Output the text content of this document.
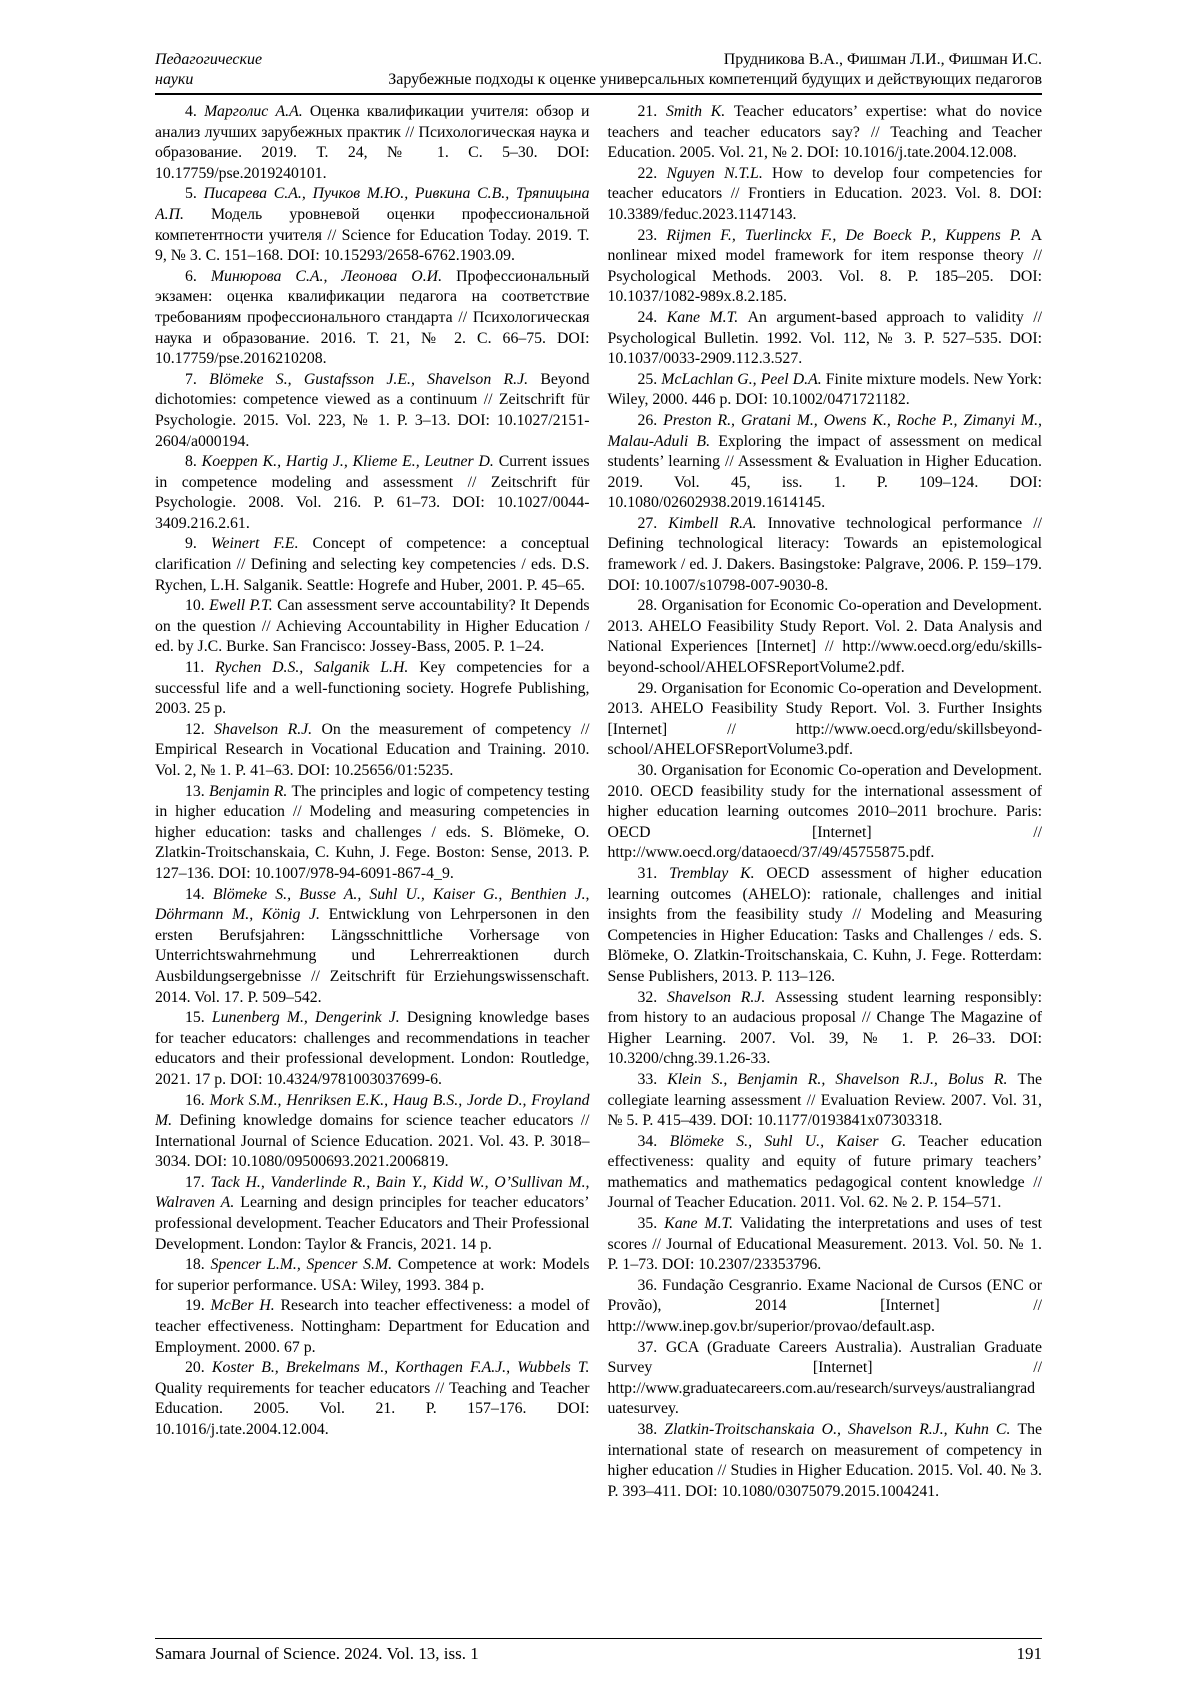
Педагогические
науки
Прудникова В.А., Фишман Л.И., Фишман И.С.
Зарубежные подходы к оценке универсальных компетенций будущих и действующих педагогов

4. Марголис А.А. Оценка квалификации учителя: обзор и анализ лучших зарубежных практик // Психологическая наука и образование. 2019. Т. 24, № 1. С. 5–30. DOI: 10.17759/pse.2019240101.

5. Писарева С.А., Пучков М.Ю., Ривкина С.В., Тряпицына А.П. Модель уровневой оценки профессиональной компетентности учителя // Science for Education Today. 2019. Т. 9, № 3. С. 151–168. DOI: 10.15293/2658-6762.1903.09.

6. Минюрова С.А., Леонова О.И. Профессиональный экзамен: оценка квалификации педагога на соответствие требованиям профессионального стандарта // Психологическая наука и образование. 2016. Т. 21, № 2. С. 66–75. DOI: 10.17759/pse.2016210208.

7. Blömeke S., Gustafsson J.E., Shavelson R.J. Beyond dichotomies: competence viewed as a continuum // Zeitschrift für Psychologie. 2015. Vol. 223, № 1. P. 3–13. DOI: 10.1027/2151-2604/a000194.

8. Koeppen K., Hartig J., Klieme E., Leutner D. Current issues in competence modeling and assessment // Zeitschrift für Psychologie. 2008. Vol. 216. P. 61–73. DOI: 10.1027/0044-3409.216.2.61.

9. Weinert F.E. Concept of competence: a conceptual clarification // Defining and selecting key competencies / eds. D.S. Rychen, L.H. Salganik. Seattle: Hogrefe and Huber, 2001. P. 45–65.

10. Ewell P.T. Can assessment serve accountability? It Depends on the question // Achieving Accountability in Higher Education / ed. by J.C. Burke. San Francisco: Jossey-Bass, 2005. P. 1–24.

11. Rychen D.S., Salganik L.H. Key competencies for a successful life and a well-functioning society. Hogrefe Publishing, 2003. 25 p.

12. Shavelson R.J. On the measurement of competency // Empirical Research in Vocational Education and Training. 2010. Vol. 2, № 1. P. 41–63. DOI: 10.25656/01:5235.

13. Benjamin R. The principles and logic of competency testing in higher education // Modeling and measuring competencies in higher education: tasks and challenges / eds. S. Blömeke, O. Zlatkin-Troitschanskaia, C. Kuhn, J. Fege. Boston: Sense, 2013. P. 127–136. DOI: 10.1007/978-94-6091-867-4_9.

14. Blömeke S., Busse A., Suhl U., Kaiser G., Benthien J., Döhrmann M., König J. Entwicklung von Lehrpersonen in den ersten Berufsjahren: Längsschnittliche Vorhersage von Unterrichtswahrnehmung und Lehrerreaktionen durch Ausbildungsergebnisse // Zeitschrift für Erziehungswissenschaft. 2014. Vol. 17. P. 509–542.

15. Lunenberg M., Dengerink J. Designing knowledge bases for teacher educators: challenges and recommendations in teacher educators and their professional development. London: Routledge, 2021. 17 p. DOI: 10.4324/9781003037699-6.

16. Mork S.M., Henriksen E.K., Haug B.S., Jorde D., Froyland M. Defining knowledge domains for science teacher educators // International Journal of Science Education. 2021. Vol. 43. P. 3018–3034. DOI: 10.1080/09500693.2021.2006819.

17. Tack H., Vanderlinde R., Bain Y., Kidd W., O’Sullivan M., Walraven A. Learning and design principles for teacher educators’ professional development. Teacher Educators and Their Professional Development. London: Taylor & Francis, 2021. 14 p.

18. Spencer L.M., Spencer S.M. Competence at work: Models for superior performance. USA: Wiley, 1993. 384 p.

19. McBer H. Research into teacher effectiveness: a model of teacher effectiveness. Nottingham: Department for Education and Employment. 2000. 67 p.

20. Koster B., Brekelmans M., Korthagen F.A.J., Wubbels T. Quality requirements for teacher educators // Teaching and Teacher Education. 2005. Vol. 21. P. 157–176. DOI: 10.1016/j.tate.2004.12.004.

21. Smith K. Teacher educators’ expertise: what do novice teachers and teacher educators say? // Teaching and Teacher Education. 2005. Vol. 21, № 2. DOI: 10.1016/j.tate.2004.12.008.

22. Nguyen N.T.L. How to develop four competencies for teacher educators // Frontiers in Education. 2023. Vol. 8. DOI: 10.3389/feduc.2023.1147143.

23. Rijmen F., Tuerlinckx F., De Boeck P., Kuppens P. A nonlinear mixed model framework for item response theory // Psychological Methods. 2003. Vol. 8. P. 185–205. DOI: 10.1037/1082-989x.8.2.185.

24. Kane M.T. An argument-based approach to validity // Psychological Bulletin. 1992. Vol. 112, № 3. P. 527–535. DOI: 10.1037/0033-2909.112.3.527.

25. McLachlan G., Peel D.A. Finite mixture models. New York: Wiley, 2000. 446 p. DOI: 10.1002/0471721182.

26. Preston R., Gratani M., Owens K., Roche P., Zimanyi M., Malau-Aduli B. Exploring the impact of assessment on medical students’ learning // Assessment & Evaluation in Higher Education. 2019. Vol. 45, iss. 1. P. 109–124. DOI: 10.1080/02602938.2019.1614145.

27. Kimbell R.A. Innovative technological performance // Defining technological literacy: Towards an epistemological framework / ed. J. Dakers. Basingstoke: Palgrave, 2006. P. 159–179. DOI: 10.1007/s10798-007-9030-8.

28. Organisation for Economic Co-operation and Development. 2013. AHELO Feasibility Study Report. Vol. 2. Data Analysis and National Experiences [Internet] // http://www.oecd.org/edu/skills-beyond-school/AHELOFSReportVolume2.pdf.

29. Organisation for Economic Co-operation and Development. 2013. AHELO Feasibility Study Report. Vol. 3. Further Insights [Internet] // http://www.oecd.org/edu/skillsbeyond-school/AHELOFSReportVolume3.pdf.

30. Organisation for Economic Co-operation and Development. 2010. OECD feasibility study for the international assessment of higher education learning outcomes 2010–2011 brochure. Paris: OECD [Internet] // http://www.oecd.org/dataoecd/37/49/45755875.pdf.

31. Tremblay K. OECD assessment of higher education learning outcomes (AHELO): rationale, challenges and initial insights from the feasibility study // Modeling and Measuring Competencies in Higher Education: Tasks and Challenges / eds. S. Blömeke, O. Zlatkin-Troitschanskaia, C. Kuhn, J. Fege. Rotterdam: Sense Publishers, 2013. P. 113–126.

32. Shavelson R.J. Assessing student learning responsibly: from history to an audacious proposal // Change The Magazine of Higher Learning. 2007. Vol. 39, № 1. P. 26–33. DOI: 10.3200/chng.39.1.26-33.

33. Klein S., Benjamin R., Shavelson R.J., Bolus R. The collegiate learning assessment // Evaluation Review. 2007. Vol. 31, № 5. P. 415–439. DOI: 10.1177/0193841x07303318.

34. Blömeke S., Suhl U., Kaiser G. Teacher education effectiveness: quality and equity of future primary teachers’ mathematics and mathematics pedagogical content knowledge // Journal of Teacher Education. 2011. Vol. 62. № 2. P. 154–571.

35. Kane M.T. Validating the interpretations and uses of test scores // Journal of Educational Measurement. 2013. Vol. 50. № 1. P. 1–73. DOI: 10.2307/23353796.

36. Fundação Cesgranrio. Exame Nacional de Cursos (ENC or Provão), 2014 [Internet] // http://www.inep.gov.br/superior/provao/default.asp.

37. GCA (Graduate Careers Australia). Australian Graduate Survey [Internet] // http://www.graduatecareers.com.au/research/surveys/australiangraduatesurvey.

38. Zlatkin-Troitschanskaia O., Shavelson R.J., Kuhn C. The international state of research on measurement of competency in higher education // Studies in Higher Education. 2015. Vol. 40. № 3. P. 393–411. DOI: 10.1080/03075079.2015.1004241.

Samara Journal of Science. 2024. Vol. 13, iss. 1	191
